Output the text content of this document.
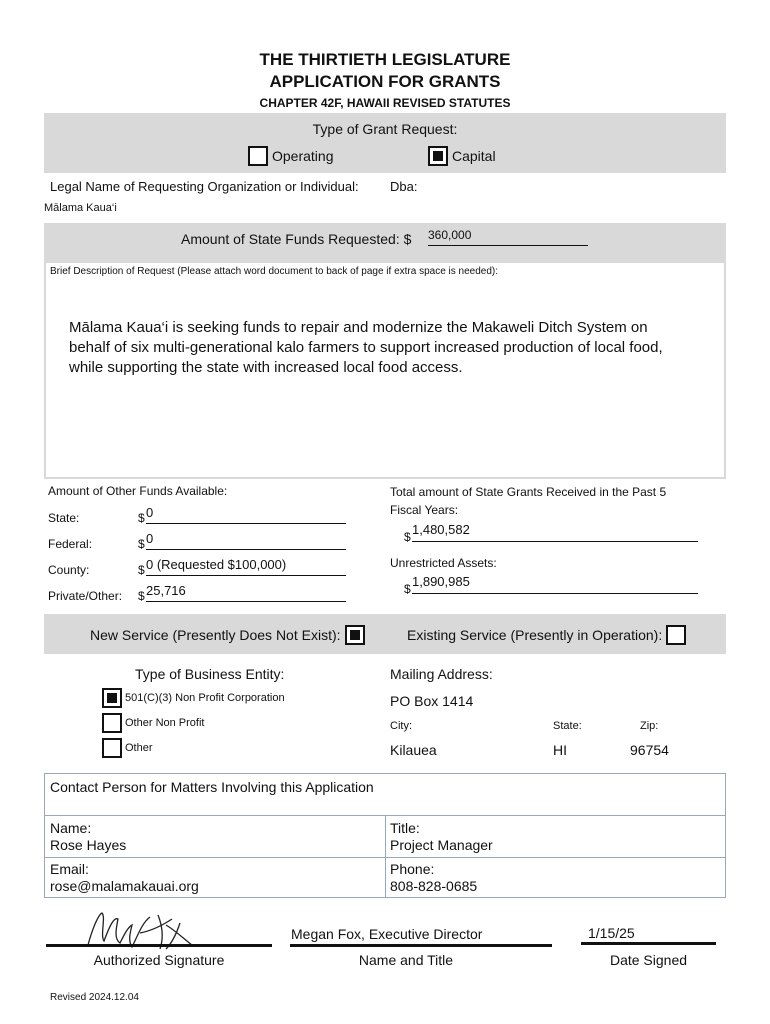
THE THIRTIETH LEGISLATURE
APPLICATION FOR GRANTS
CHAPTER 42F, HAWAII REVISED STATUTES
Type of Grant Request:
Operating	Capital
Legal Name of Requesting Organization or Individual: Dba:
Mālama Kaua‘i
Amount of State Funds Requested: $ 360,000
Brief Description of Request (Please attach word document to back of page if extra space is needed):
Mālama Kaua‘i is seeking funds to repair and modernize the Makaweli Ditch System on behalf of six multi-generational kalo farmers to support increased production of local food, while supporting the state with increased local food access.
Amount of Other Funds Available:
State:	$ 0
Federal:	$ 0
County:	$ 0 (Requested $100,000)
Private/Other: $ 25,716
Total amount of State Grants Received in the Past 5
Fiscal Years:
$ 1,480,582
Unrestricted Assets:
$ 1,890,985
New Service (Presently Does Not Exist):	Existing Service (Presently in Operation):
Type of Business Entity:
501(C)(3) Non Profit Corporation
Other Non Profit
Other
Mailing Address:
PO Box 1414
City:	State:	Zip:
Kilauea	HI	96754
Contact Person for Matters Involving this Application
Name:
Rose Hayes
Title:
Project Manager
Email:
rose@malamakauai.org
Phone:
808-828-0685
Authorized Signature
Megan Fox, Executive Director
Name and Title
1/15/25
Date Signed
Revised 2024.12.04
